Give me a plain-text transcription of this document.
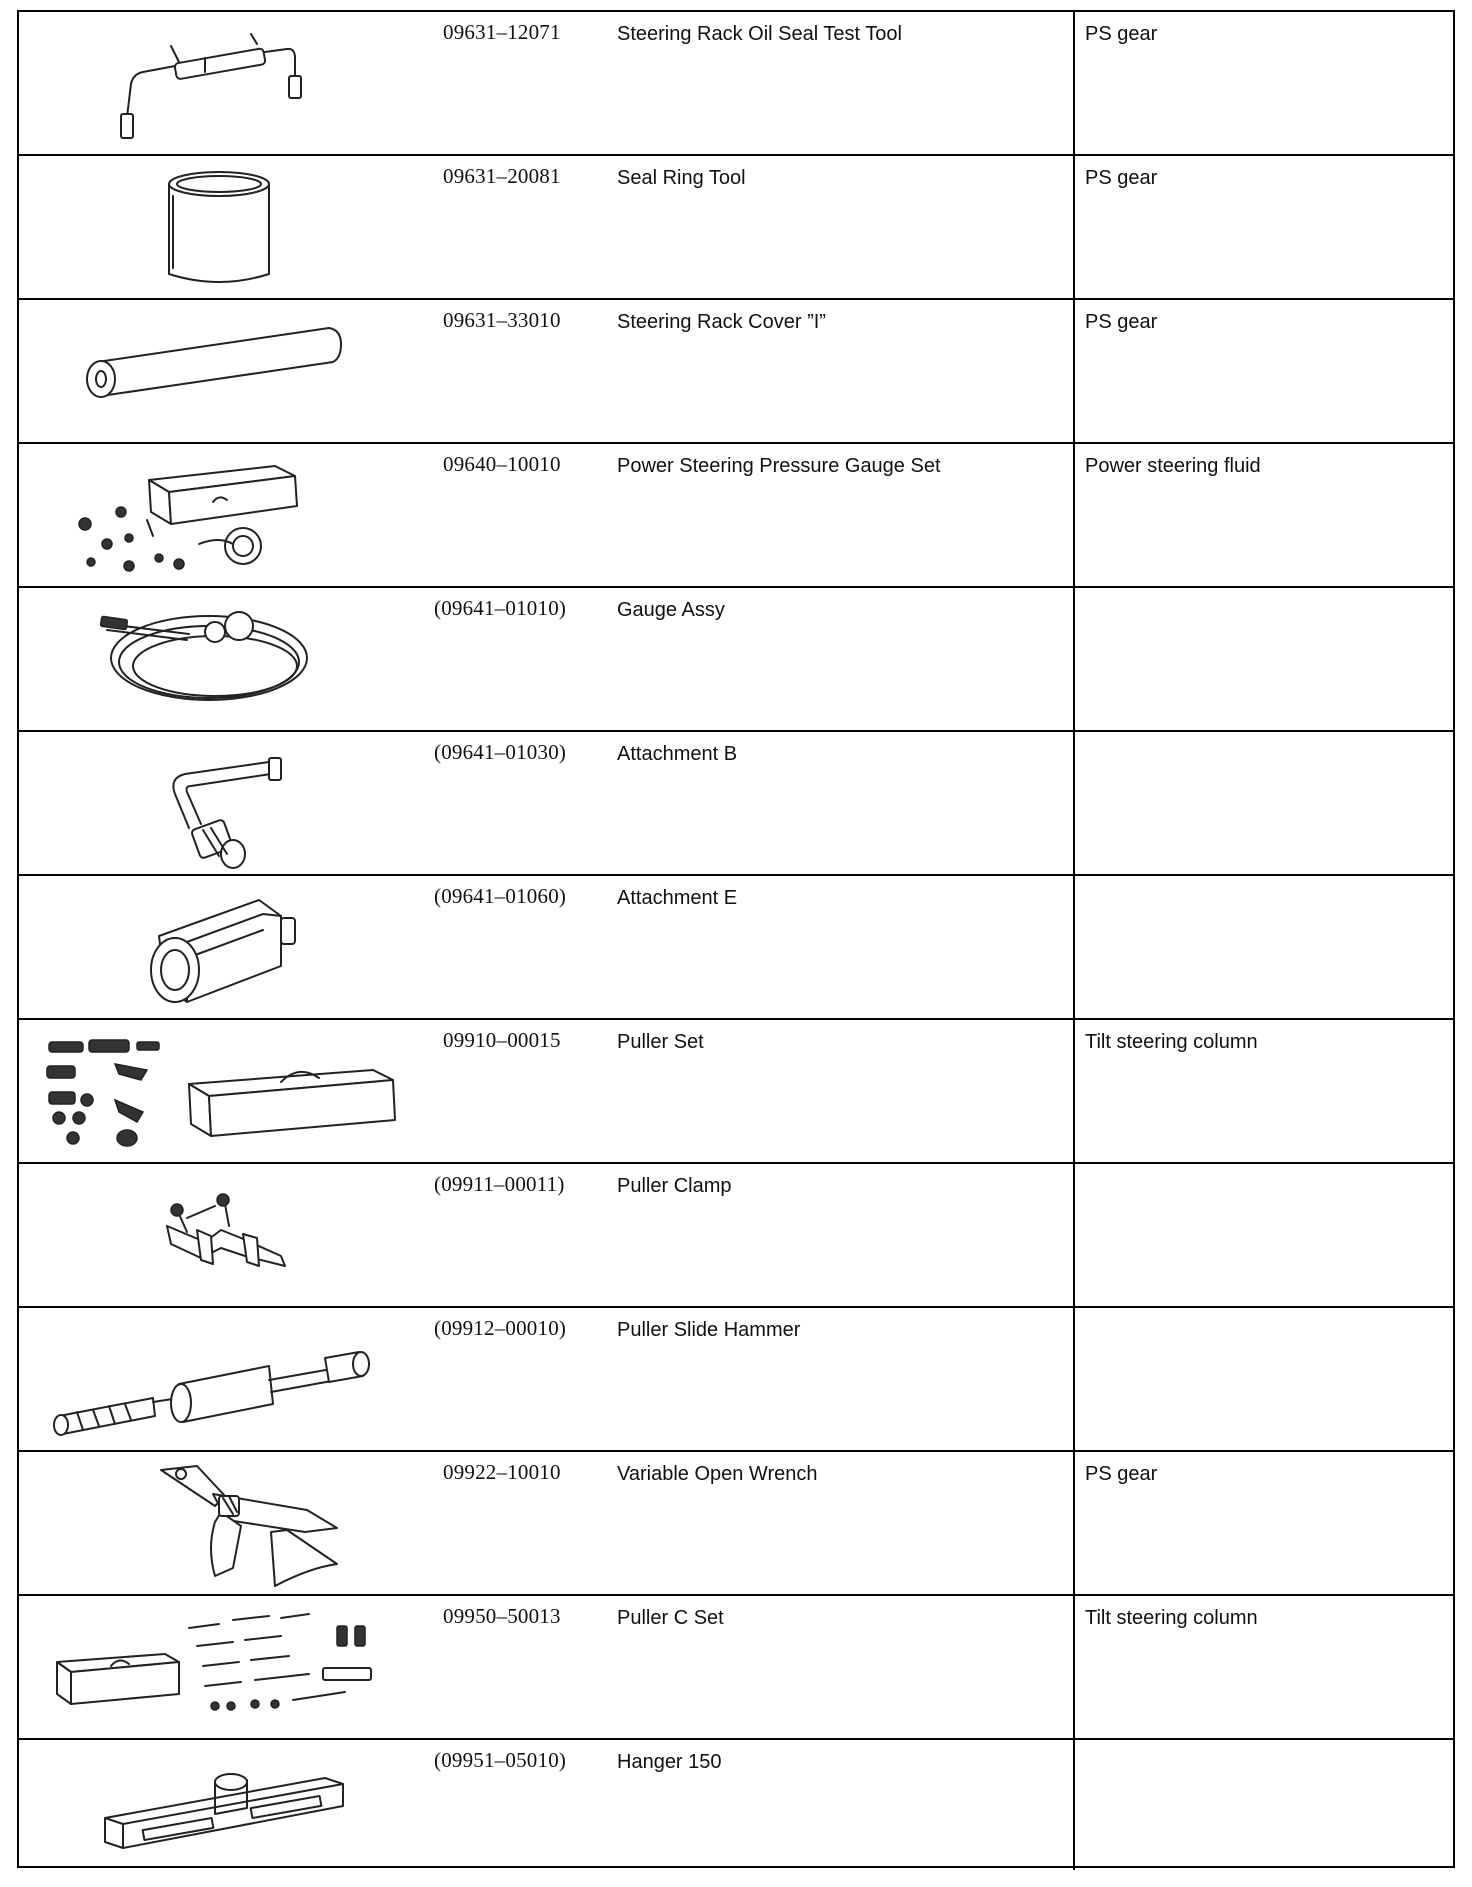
09631–12071	Steering Rack Oil Seal Test Tool	PS gear
09631–20081	Seal Ring Tool	PS gear
09631–33010	Steering Rack Cover ”I”	PS gear
09640–10010	Power Steering Pressure Gauge Set	Power steering fluid
(09641–01010)	Gauge Assy
(09641–01030)	Attachment B
(09641–01060)	Attachment E
09910–00015	Puller Set	Tilt steering column
(09911–00011)	Puller Clamp
(09912–00010)	Puller Slide Hammer
09922–10010	Variable Open Wrench	PS gear
09950–50013	Puller C Set	Tilt steering column
(09951–05010)	Hanger 150
